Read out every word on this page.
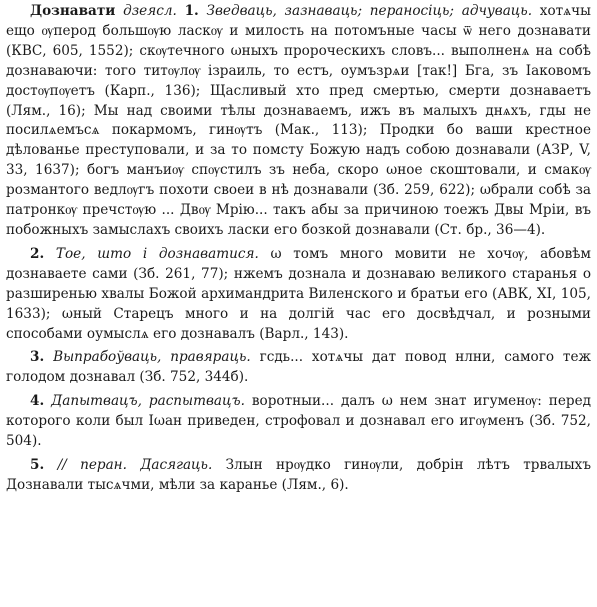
Дознавати дзеясл. 1. Зведваць, зазнаваць; пераносіць; адчуваць. хотѧчы ещо ѹперод большѹю ласкѹ и милость на потомъные часы ѿ него дознавати (КВС, 605, 1552); скѹтечного ωныхъ пророческихъ словъ... выполненѧ на собѣ дознаваючи: того титѹлѹ ізраиль, то естъ, оумъзрѧи [так!] Бга, зъ Іаковомъ достѹпѹетъ (Карп., 136); Щасливый хто пред смертью, смерти дознаваетъ (Лям., 16); Мы над своими тѣлы дознаваемъ, ижъ въ малыхъ днѧхъ, гды не посилѧемъсѧ покармомъ, гинѹтъ (Мак., 113); Продки бо ваши крестное дѣлованье преступовали, и за то помсту Божую надъ собою дознавали (АЗР, V, 33, 1637); богъ манъиѹ спѹстилъ зъ неба, скоро ωное скоштовали, и смакѹ розмантого ведлѹгъ похоти своеи в нѣ дознавали (Зб. 259, 622); ωбрали собѣ за патронкѹ пречстѹю ... Двѹ Мрію... такъ абы за причиною тоежъ Двы Мріи, въ побожныхъ замыслахъ своихъ ласки его бозкой дознавали (Ст. бр., 36—4).

2. Тое, што і дознаватися. ω томъ много мовити не хочѹ, абовѣм дознаваете сами (Зб. 261, 77); нжемъ дознала и дознаваю великого старанья о разширенью хвалы Божой архимандрита Виленского и братьи его (АВК, XI, 105, 1633); ωный Старецъ много и на долгій час его досвѣдчал, и розными способами оумыслѧ его дознавалъ (Варл., 143).

3. Выпрабоўваць, правяраць. гсдь... хотѧчы дат повод нлни, самого теж голодом дознавал (Зб. 752, 344б).

4. Дапытвацъ, распытвацъ. воротныи... далъ ω нем знат игуменѹ: перед которого коли был Іωан приведен, строфовал и дознавал его игѹменъ (Зб. 752, 504).

5. // перан. Дасягаць. Злын нрѹдко гинѹли, добрін лѣтъ трвалыхъ Дознавали тысѧчми, мѣли за каранье (Лям., 6).
